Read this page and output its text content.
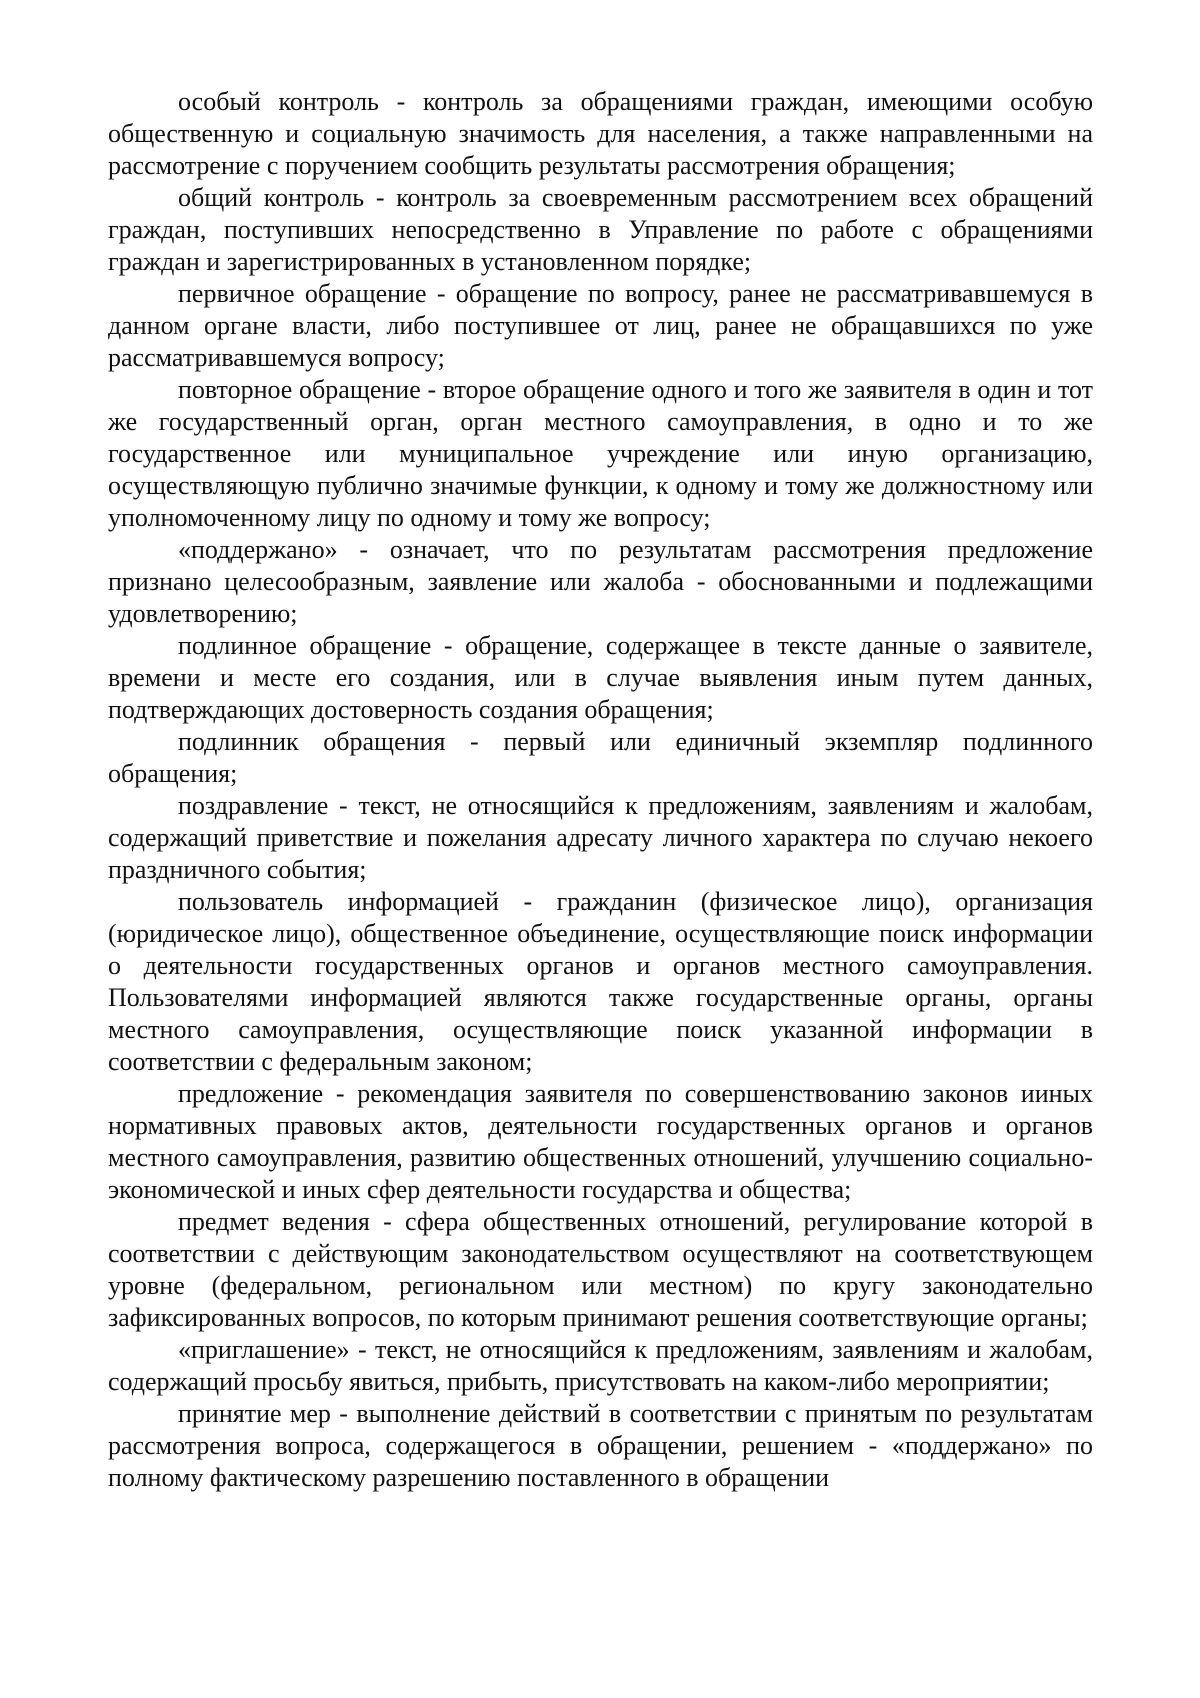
особый контроль - контроль за обращениями граждан, имеющими особую общественную и социальную значимость для населения, а также направленными на рассмотрение с поручением сообщить результаты рассмотрения обращения;

общий контроль - контроль за своевременным рассмотрением всех обращений граждан, поступивших непосредственно в Управление по работе с обращениями граждан и зарегистрированных в установленном порядке;

первичное обращение - обращение по вопросу, ранее не рассматривавшемуся в данном органе власти, либо поступившее от лиц, ранее не обращавшихся по уже рассматривавшемуся вопросу;

повторное обращение - второе обращение одного и того же заявителя в один и тот же государственный орган, орган местного самоуправления, в одно и то же государственное или муниципальное учреждение или иную организацию, осуществляющую публично значимые функции, к одному и тому же должностному или уполномоченному лицу по одному и тому же вопросу;

«поддержано» - означает, что по результатам рассмотрения предложение признано целесообразным, заявление или жалоба - обоснованными и подлежащими удовлетворению;

подлинное обращение - обращение, содержащее в тексте данные о заявителе, времени и месте его создания, или в случае выявления иным путем данных, подтверждающих достоверность создания обращения;

подлинник обращения - первый или единичный экземпляр подлинного обращения;

поздравление - текст, не относящийся к предложениям, заявлениям и жалобам, содержащий приветствие и пожелания адресату личного характера по случаю некоего праздничного события;

пользователь информацией - гражданин (физическое лицо), организация (юридическое лицо), общественное объединение, осуществляющие поиск информации о деятельности государственных органов и органов местного самоуправления. Пользователями информацией являются также государственные органы, органы местного самоуправления, осуществляющие поиск указанной информации в соответствии с федеральным законом;

предложение - рекомендация заявителя по совершенствованию законов ииных нормативных правовых актов, деятельности государственных органов и органов местного самоуправления, развитию общественных отношений, улучшению социально-экономической и иных сфер деятельности государства и общества;

предмет ведения - сфера общественных отношений, регулирование которой в соответствии с действующим законодательством осуществляют на соответствующем уровне (федеральном, региональном или местном) по кругу законодательно зафиксированных вопросов, по которым принимают решения соответствующие органы;

«приглашение» - текст, не относящийся к предложениям, заявлениям и жалобам, содержащий просьбу явиться, прибыть, присутствовать на каком-либо мероприятии;

принятие мер - выполнение действий в соответствии с принятым по результатам рассмотрения вопроса, содержащегося в обращении, решением - «поддержано» по полному фактическому разрешению поставленного в обращении
